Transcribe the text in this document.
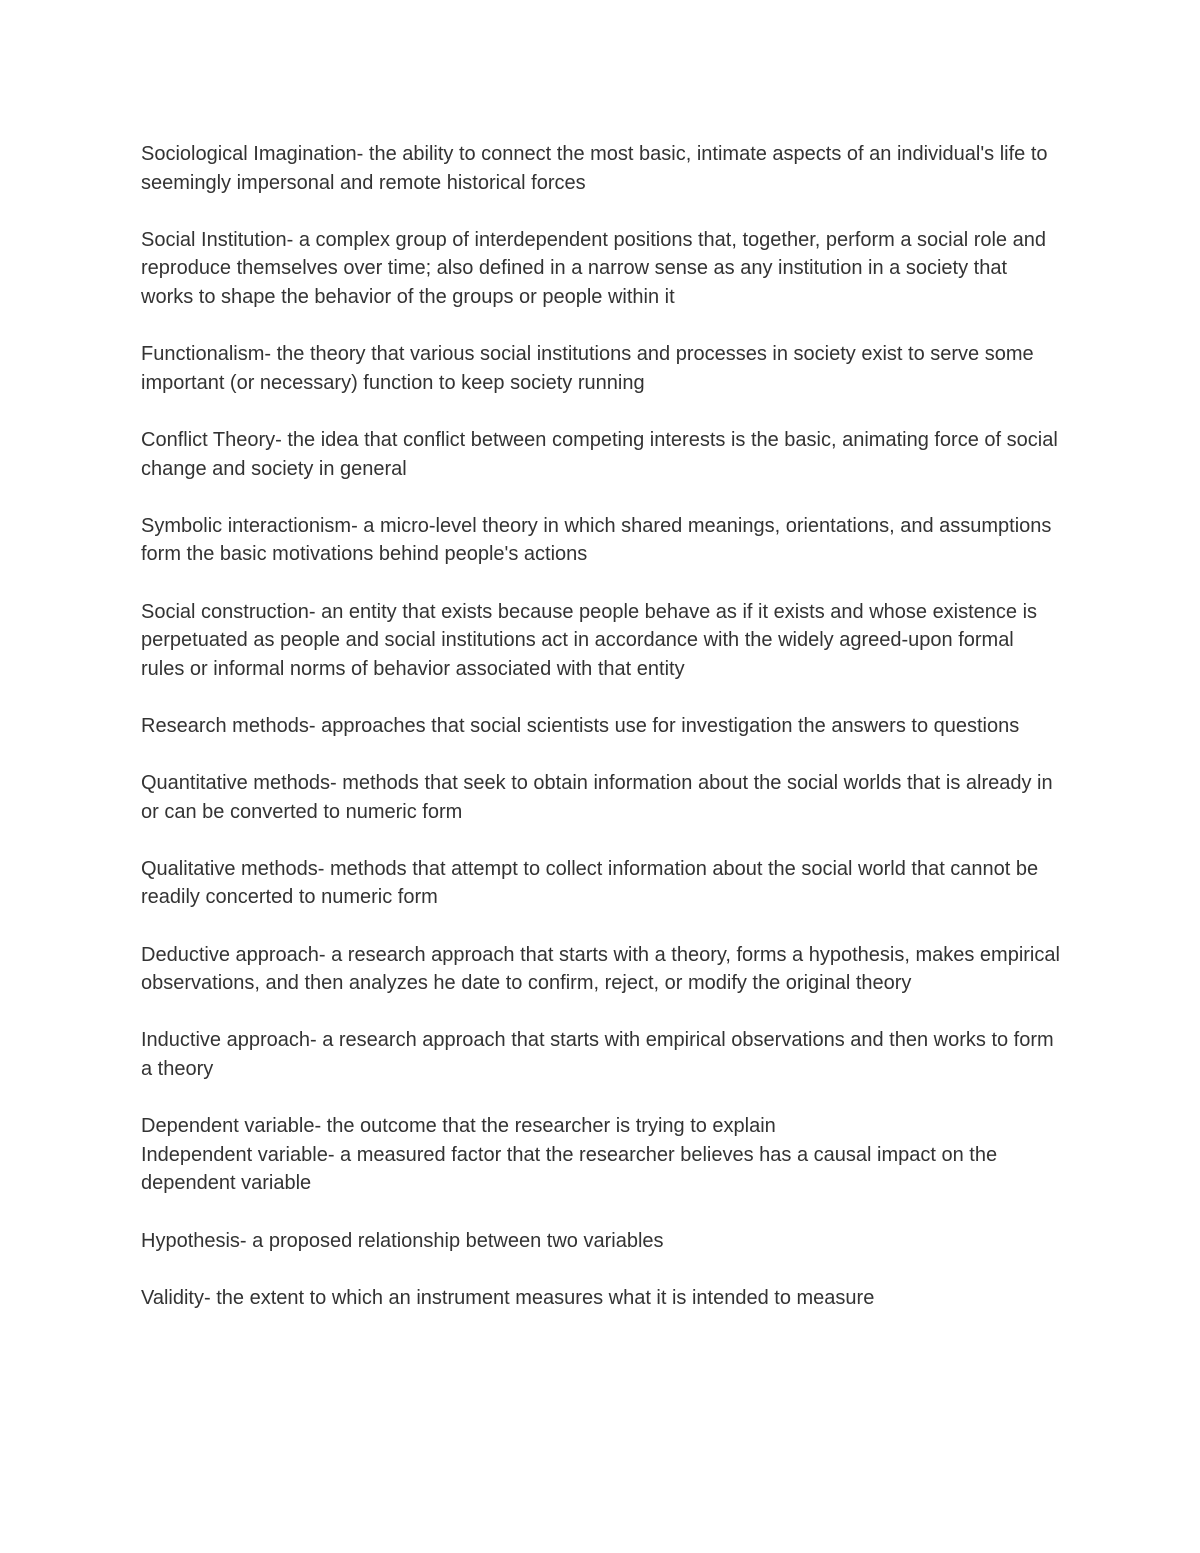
Sociological Imagination- the ability to connect the most basic, intimate aspects of an individual's life to seemingly impersonal and remote historical forces

Social Institution- a complex group of interdependent positions that, together, perform a social role and reproduce themselves over time; also defined in a narrow sense as any institution in a society that works to shape the behavior of the groups or people within it

Functionalism- the theory that various social institutions and processes in society exist to serve some important (or necessary) function to keep society running

Conflict Theory- the idea that conflict between competing interests is the basic, animating force of social change and society in general

Symbolic interactionism- a micro-level theory in which shared meanings, orientations, and assumptions form the basic motivations behind people's actions

Social construction- an entity that exists because people behave as if it exists and whose existence is perpetuated as people and social institutions act in accordance with the widely agreed-upon formal rules or informal norms of behavior associated with that entity

Research methods- approaches that social scientists use for investigation the answers to questions

Quantitative methods- methods that seek to obtain information about the social worlds that is already in or can be converted to numeric form

Qualitative methods- methods that attempt to collect information about the social world that cannot be readily concerted to numeric form

Deductive approach- a research approach that starts with a theory, forms a hypothesis, makes empirical observations, and then analyzes he date to confirm, reject, or modify the original theory

Inductive approach- a research approach that starts with empirical observations and then works to form a theory

Dependent variable- the outcome that the researcher is trying to explain

Independent variable- a measured factor that the researcher believes has a causal impact on the dependent variable

Hypothesis- a proposed relationship between two variables

Validity- the extent to which an instrument measures what it is intended to measure
